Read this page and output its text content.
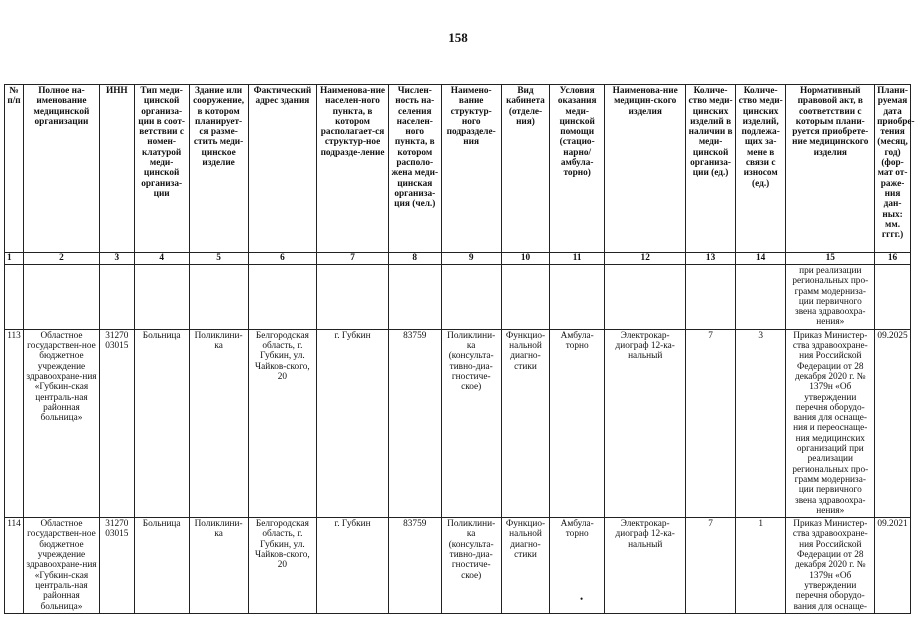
158
№ п/п	Полное на-именование медицинской организации	ИНН	Тип меди-цинской организа-ции в соот-ветствии с номен-клатурой меди-цинской организа-ции	Здание или сооружение, в котором планирует-ся разме-стить меди-цинское изделие	Фактический адрес здания	Наименова-ние населен-ного пункта, в котором располагает-ся структур-ное подразде-ление	Числен-ность на-селения населен-ного пункта, в котором располо-жена меди-цинская организа-ция (чел.)	Наимено-вание структур-ного подразделе-ния	Вид кабинета (отделе-ния)	Условия оказания меди-цинской помощи (стацио-нарно/ амбула-торно)	Наименова-ние медицин-ского изделия	Количе-ство меди-цинских изделий в наличии в меди-цинской организа-ции (ед.)	Количе-ство меди-цинских изделий, подлежа-щих за-мене в связи с износом (ед.)	Нормативный правовой акт, в соответствии с которым плани-руется приобрете-ние медицинского изделия	Плани-руемая дата приобре-тения (месяц, год) (фор-мат от-раже-ния дан-ных: мм. гггг.)
1	2	3	4	5	6	7	8	9	10	11	12	13	14	15	16
														при реализации региональных про-грамм модерниза-ции первичного звена здравоохра-нения»	
113	Областное государствен-ное бюджетное учреждение здравоохране-ния «Губкин-ская централь-ная районная больница»	31270 03015	Больница	Поликлини-ка	Белгородская область, г. Губкин, ул. Чайков-ского, 20	г. Губкин	83759	Поликлини-ка (консульта-тивно-диа-гностиче-ское)	Функцио-нальной диагно-стики	Амбула-торно	Электрокар-диограф 12-ка-нальный	7	3	Приказ Министер-ства здравоохране-ния Российской Федерации от 28 декабря 2020 г. № 1379н «Об утверждении перечня оборудо-вания для оснаще-ния и переоснаще-ния медицинских организаций при реализации региональных про-грамм модерниза-ции первичного звена здравоохра-нения»	09.2025
114	Областное государствен-ное бюджетное учреждение здравоохране-ния «Губкин-ская централь-ная районная больница»	31270 03015	Больница	Поликлини-ка	Белгородская область, г. Губкин, ул. Чайков-ского, 20	г. Губкин	83759	Поликлини-ка (консульта-тивно-диа-гностиче-ское)	Функцио-нальной диагно-стики	Амбула-торно	Электрокар-диограф 12-ка-нальный	7	1	Приказ Министер-ства здравоохране-ния Российской Федерации от 28 декабря 2020 г. № 1379н «Об утверждении перечня оборудо-вания для оснаще-	09.2021
•
